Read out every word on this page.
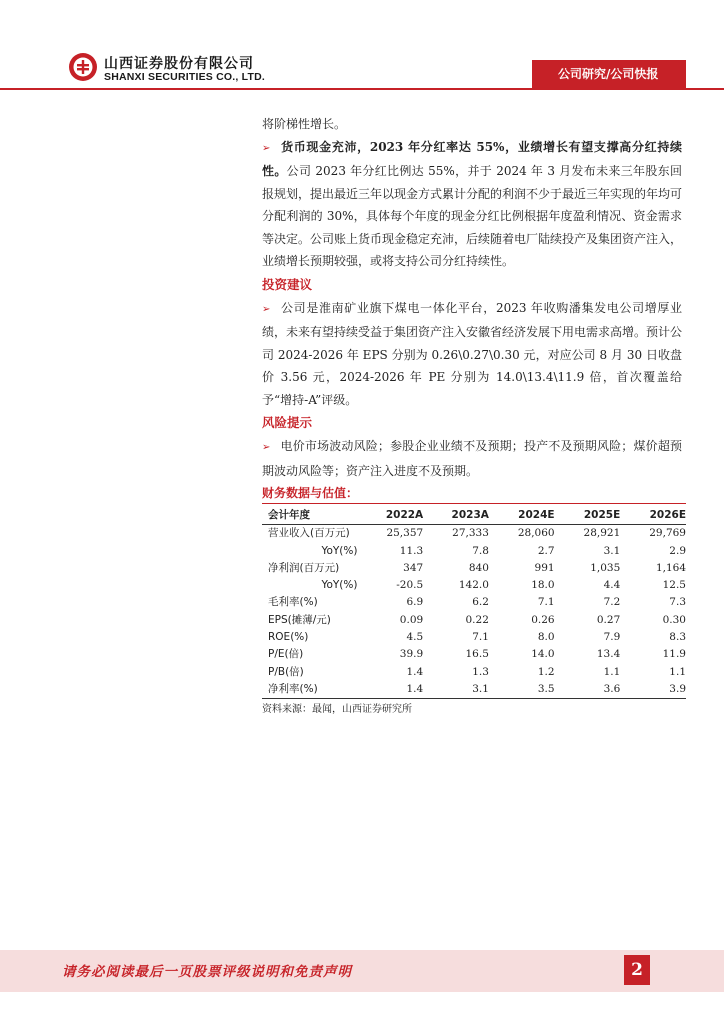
山西证券股份有限公司
SHANXI SECURITIES CO., LTD.	公司研究/公司快报

将阶梯性增长。

➢ 货币现金充沛，2023 年分红率达 55%，业绩增长有望支撑高分红持续性。公司 2023 年分红比例达 55%，并于 2024 年 3 月发布未来三年股东回报规划，提出最近三年以现金方式累计分配的利润不少于最近三年实现的年均可分配利润的 30%，具体每个年度的现金分红比例根据年度盈利情况、资金需求等决定。公司账上货币现金稳定充沛，后续随着电厂陆续投产及集团资产注入，业绩增长预期较强，或将支持公司分红持续性。

投资建议

➢ 公司是淮南矿业旗下煤电一体化平台，2023 年收购潘集发电公司增厚业绩，未来有望持续受益于集团资产注入安徽省经济发展下用电需求高增。预计公司 2024-2026 年 EPS 分别为 0.26\0.27\0.30 元，对应公司 8 月 30 日收盘价 3.56 元，2024-2026 年 PE 分别为 14.0\13.4\11.9 倍，首次覆盖给予“增持-A”评级。

风险提示

➢ 电价市场波动风险；参股企业业绩不及预期；投产不及预期风险；煤价超预期波动风险等；资产注入进度不及预期。

财务数据与估值：
会计年度	2022A	2023A	2024E	2025E	2026E
营业收入(百万元)	25,357	27,333	28,060	28,921	29,769
YoY(%)	11.3	7.8	2.7	3.1	2.9
净利润(百万元)	347	840	991	1,035	1,164
YoY(%)	-20.5	142.0	18.0	4.4	12.5
毛利率(%)	6.9	6.2	7.1	7.2	7.3
EPS(摊薄/元)	0.09	0.22	0.26	0.27	0.30
ROE(%)	4.5	7.1	8.0	7.9	8.3
P/E(倍)	39.9	16.5	14.0	13.4	11.9
P/B(倍)	1.4	1.3	1.2	1.1	1.1
净利率(%)	1.4	3.1	3.5	3.6	3.9
资料来源：最闻，山西证券研究所
请务必阅读最后一页股票评级说明和免责声明	2
